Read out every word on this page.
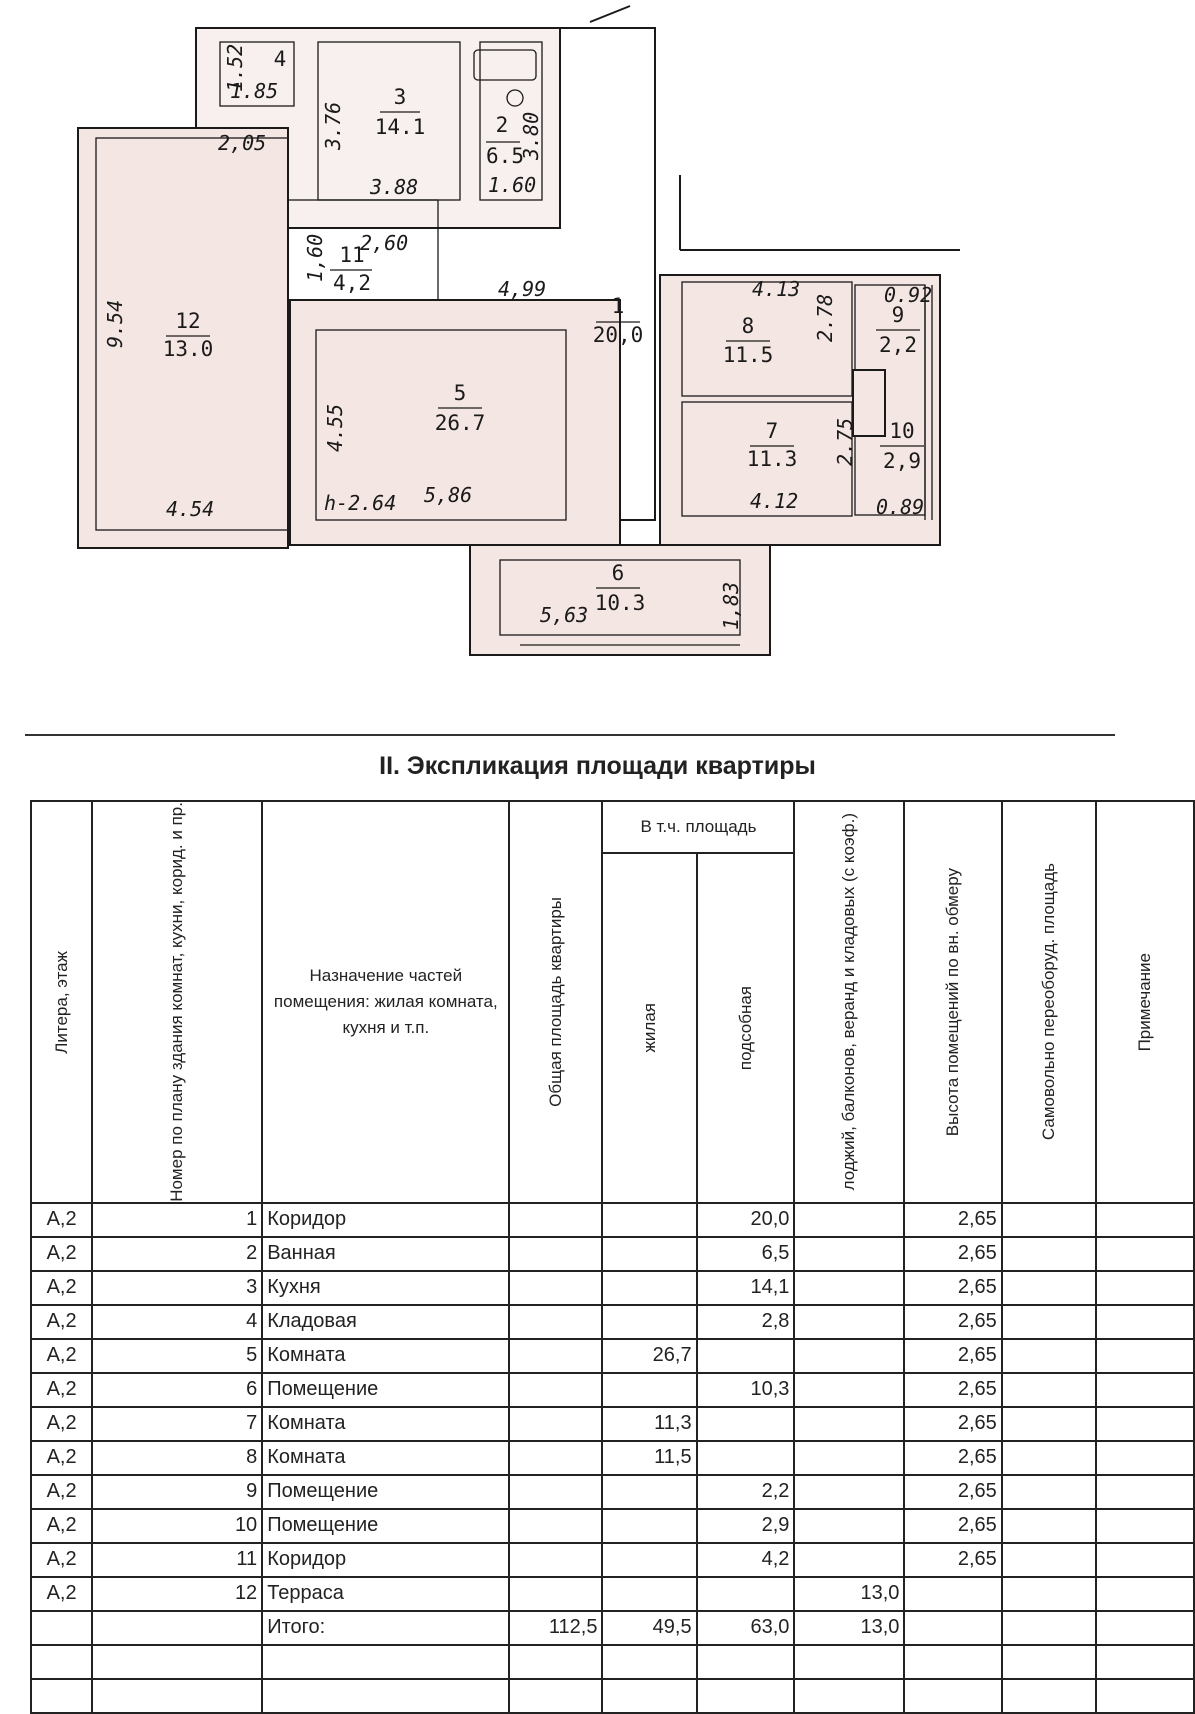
4
3
14.1	2
6.5
11
4,2
12
13.0
5
26.7
1
20,0	8
11.5
9
2,2
7
11.3
10
2,9
6
10.3
1.52
1.85
3.76
2,05	3.80
1.60
3.88
2,60
1,60
4,99
9.54
4.55
h-2.64 5,86
4.54
4.13
2.78 0.92
2.75
4.12	0.89
5,63	1,83
II. Экспликация площади квартиры
Литера, этаж	Номер по плану здания комнат, кухни, корид. и пр.	Назначение частей помещения: жилая комната, кухня и т.п.	Общая площадь квартиры	В т.ч. площадь		лоджий, балконов, веранд и кладовых (с коэф.)	Высота помещений по вн. обмеру	Самовольно переоборуд. площадь	Примечание

				жилая	подсобная				

А,2	1	Коридор			20,0		2,65		
А,2	2	Ванная			6,5		2,65		
А,2	3	Кухня			14,1		2,65		
А,2	4	Кладовая			2,8		2,65		
А,2	5	Комната		26,7			2,65		
А,2	6	Помещение			10,3		2,65		
А,2	7	Комната		11,3			2,65		
А,2	8	Комната		11,5			2,65		
А,2	9	Помещение			2,2		2,65		
А,2	10	Помещение			2,9		2,65		
А,2	11	Коридор			4,2		2,65		
А,2	12	Терраса				13,0			
		Итого:	112,5	49,5	63,0	13,0			
